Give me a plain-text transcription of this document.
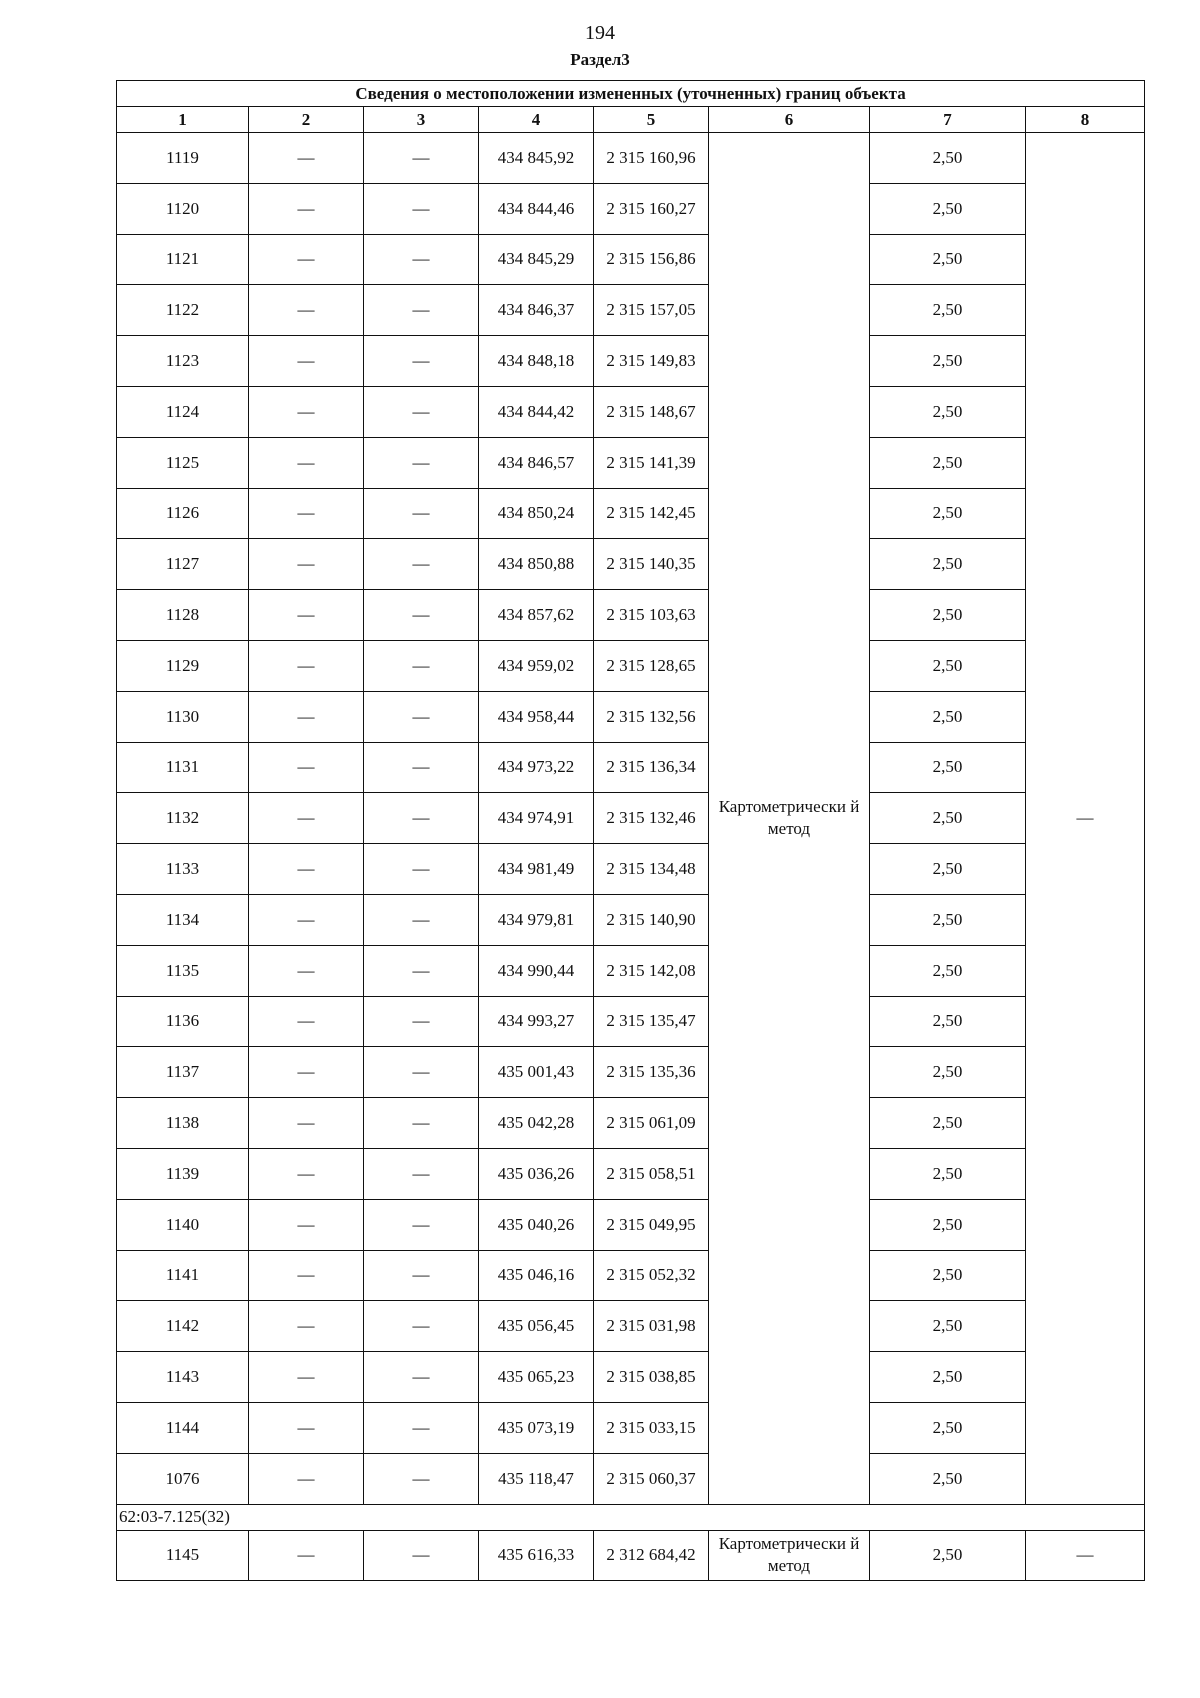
194
Раздел3
Сведения о местоположении измененных (уточненных) границ объекта							
1	2	3	4	5	6	7	8
1119	—	—	434 845,92	2 315 160,96	Картометрически й метод	2,50	—
1120	—	—	434 844,46	2 315 160,27		2,50	
1121	—	—	434 845,29	2 315 156,86		2,50	
1122	—	—	434 846,37	2 315 157,05		2,50	
1123	—	—	434 848,18	2 315 149,83		2,50	
1124	—	—	434 844,42	2 315 148,67		2,50	
1125	—	—	434 846,57	2 315 141,39		2,50	
1126	—	—	434 850,24	2 315 142,45		2,50	
1127	—	—	434 850,88	2 315 140,35		2,50	
1128	—	—	434 857,62	2 315 103,63		2,50	
1129	—	—	434 959,02	2 315 128,65		2,50	
1130	—	—	434 958,44	2 315 132,56		2,50	
1131	—	—	434 973,22	2 315 136,34		2,50	
1132	—	—	434 974,91	2 315 132,46		2,50	
1133	—	—	434 981,49	2 315 134,48		2,50	
1134	—	—	434 979,81	2 315 140,90		2,50	
1135	—	—	434 990,44	2 315 142,08		2,50	
1136	—	—	434 993,27	2 315 135,47		2,50	
1137	—	—	435 001,43	2 315 135,36		2,50	
1138	—	—	435 042,28	2 315 061,09		2,50	
1139	—	—	435 036,26	2 315 058,51		2,50	
1140	—	—	435 040,26	2 315 049,95		2,50	
1141	—	—	435 046,16	2 315 052,32		2,50	
1142	—	—	435 056,45	2 315 031,98		2,50	
1143	—	—	435 065,23	2 315 038,85		2,50	
1144	—	—	435 073,19	2 315 033,15		2,50	
1076	—	—	435 118,47	2 315 060,37		2,50	
62:03-7.125(32)							
1145	—	—	435 616,33	2 312 684,42	Картометрически й метод	2,50	—
